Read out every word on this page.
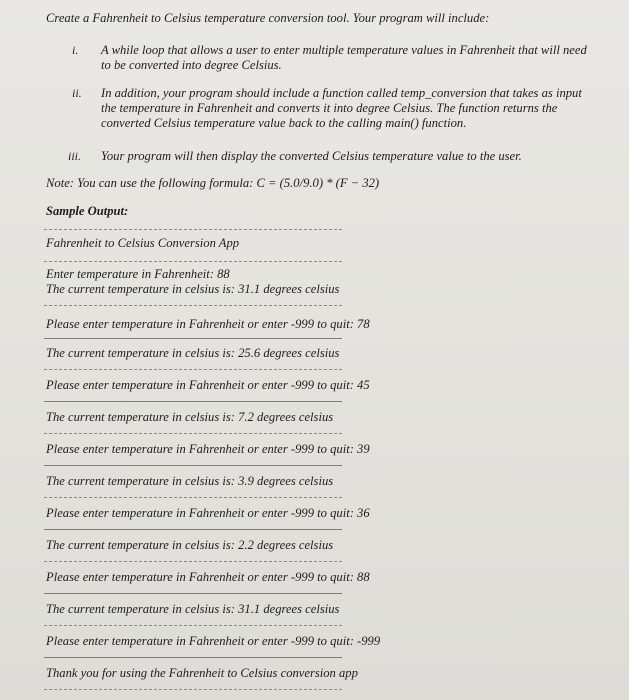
Create a Fahrenheit to Celsius temperature conversion tool. Your program will include:
i. A while loop that allows a user to enter multiple temperature values in Fahrenheit that will need
to be converted into degree Celsius.
ii. In addition, your program should include a function called temp_conversion that takes as input
the temperature in Fahrenheit and converts it into degree Celsius. The function returns the
converted Celsius temperature value back to the calling main() function.
iii. Your program will then display the converted Celsius temperature value to the user.
Note: You can use the following formula: C = (5.0/9.0) * (F − 32)
Sample Output:
Fahrenheit to Celsius Conversion App
Enter temperature in Fahrenheit: 88
The current temperature in celsius is: 31.1 degrees celsius
Please enter temperature in Fahrenheit or enter -999 to quit: 78
The current temperature in celsius is: 25.6 degrees celsius
Please enter temperature in Fahrenheit or enter -999 to quit: 45
The current temperature in celsius is: 7.2 degrees celsius
Please enter temperature in Fahrenheit or enter -999 to quit: 39
The current temperature in celsius is: 3.9 degrees celsius
Please enter temperature in Fahrenheit or enter -999 to quit: 36
The current temperature in celsius is: 2.2 degrees celsius
Please enter temperature in Fahrenheit or enter -999 to quit: 88
The current temperature in celsius is: 31.1 degrees celsius
Please enter temperature in Fahrenheit or enter -999 to quit: -999
Thank you for using the Fahrenheit to Celsius conversion app
